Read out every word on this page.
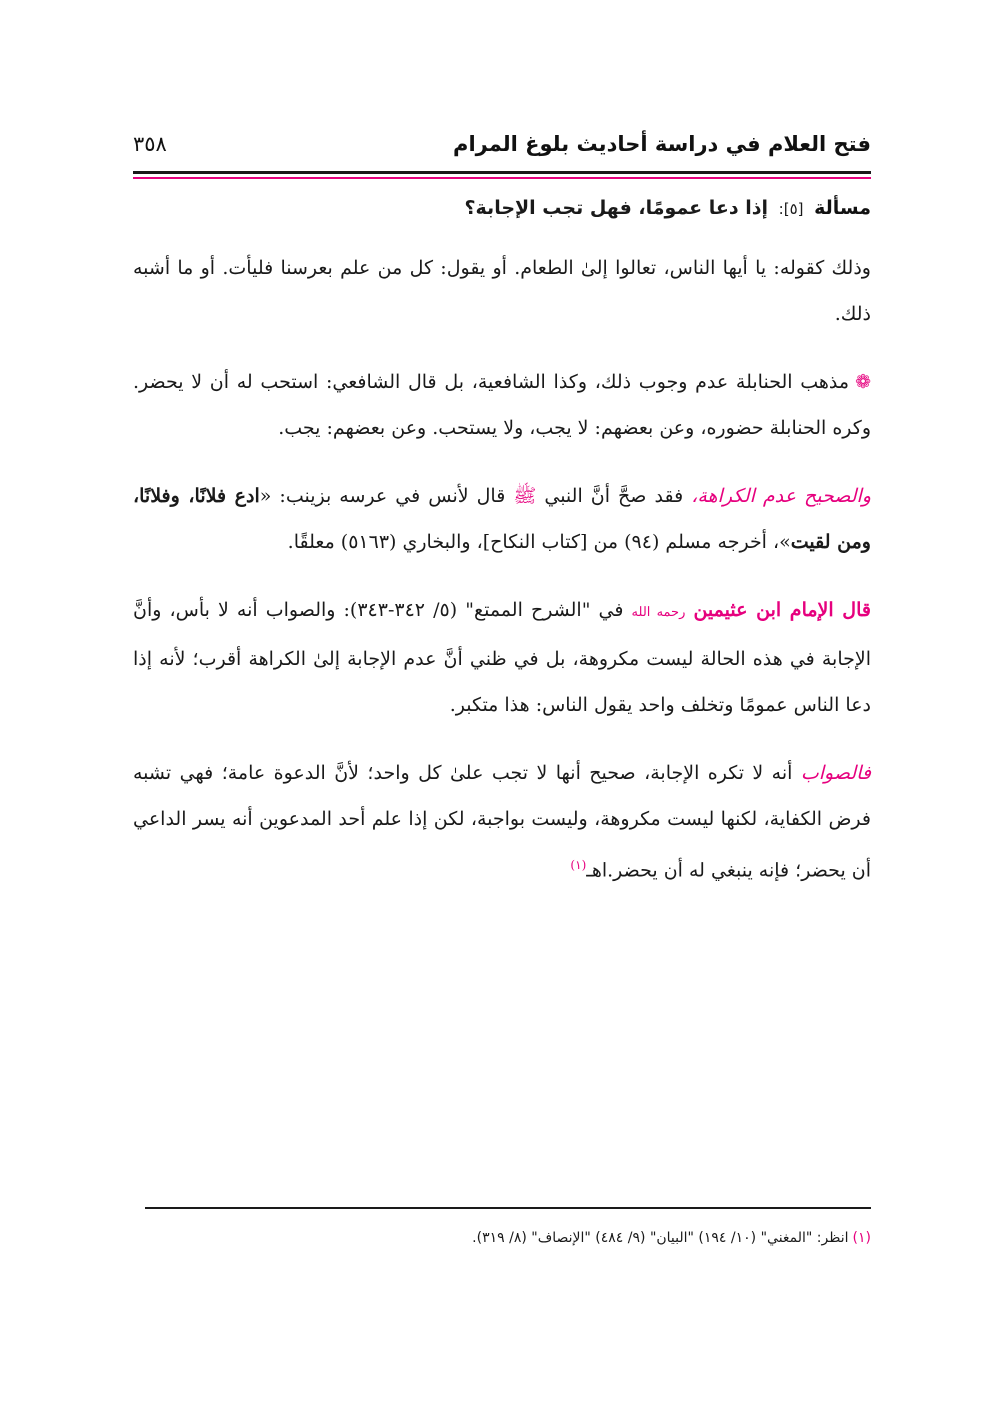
فتح العلام في دراسة أحاديث بلوغ المرام
٣٥٨
مسألة [٥]: إذا دعا عمومًا، فهل تجب الإجابة؟

وذلك كقوله: يا أيها الناس، تعالوا إلىٰ الطعام. أو يقول: كل من علم بعرسنا فليأت. أو ما أشبه ذلك.

❁مذهب الحنابلة عدم وجوب ذلك، وكذا الشافعية، بل قال الشافعي: استحب له أن لا يحضر. وكره الحنابلة حضوره، وعن بعضهم: لا يجب، ولا يستحب. وعن بعضهم: يجب.

والصحيح عدم الكراهة، فقد صحَّ أنَّ النبي ﷺ قال لأنس في عرسه بزينب: «ادع فلانًا، وفلانًا، ومن لقيت»، أخرجه مسلم (٩٤) من [كتاب النكاح]، والبخاري (٥١٦٣) معلقًا.

قال الإمام ابن عثيمين رحمه الله في "الشرح الممتع" (٥/ ٣٤٢-٣٤٣): والصواب أنه لا بأس، وأنَّ الإجابة في هذه الحالة ليست مكروهة، بل في ظني أنَّ عدم الإجابة إلىٰ الكراهة أقرب؛ لأنه إذا دعا الناس عمومًا وتخلف واحد يقول الناس: هذا متكبر.

فالصواب أنه لا تكره الإجابة، صحيح أنها لا تجب علىٰ كل واحد؛ لأنَّ الدعوة عامة؛ فهي تشبه فرض الكفاية، لكنها ليست مكروهة، وليست بواجبة، لكن إذا علم أحد المدعوين أنه يسر الداعي أن يحضر؛ فإنه ينبغي له أن يحضر.اهـ$^{(١)}$

(١)انظر: "المغني" (١٠/ ١٩٤) "البيان" (٩/ ٤٨٤) "الإنصاف" (٨/ ٣١٩).
